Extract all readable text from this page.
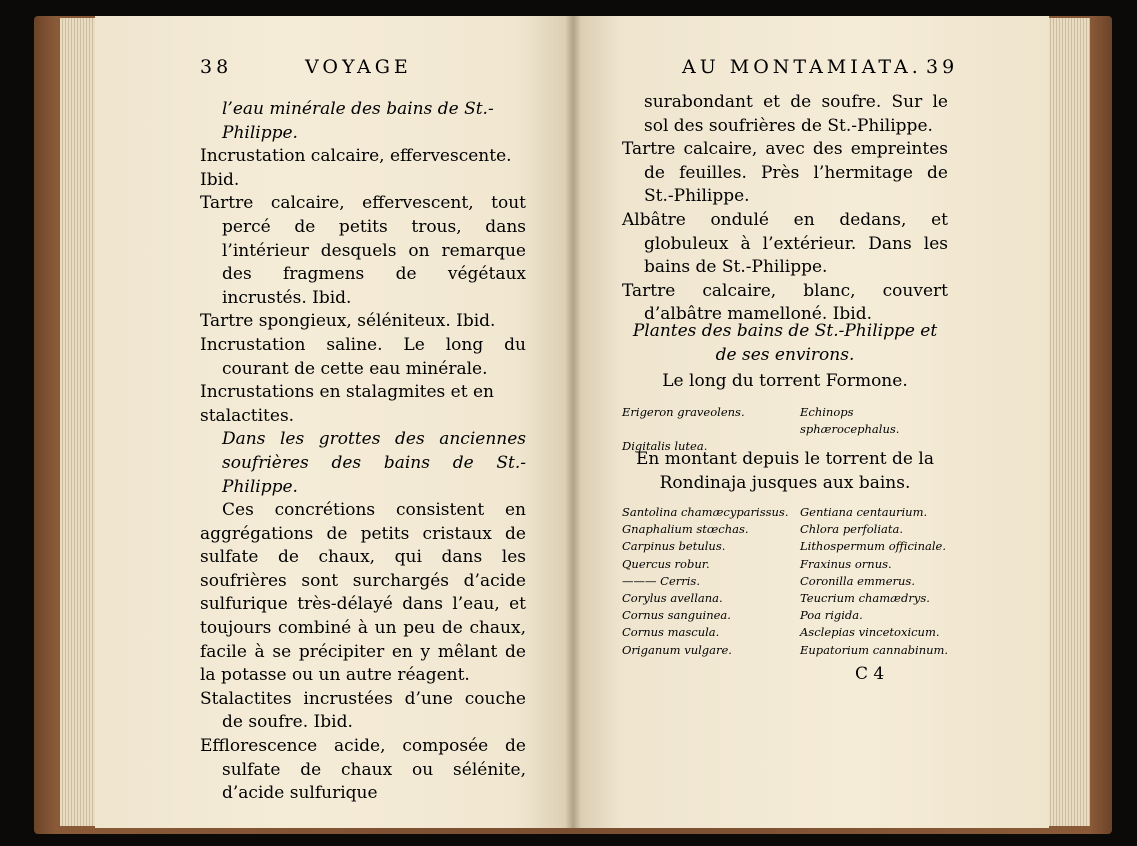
38	VOYAGE

l’eau minérale des bains de St.-Philippe.

Incrustation calcaire, effervescente. Ibid.

Tartre calcaire, effervescent, tout percé de petits trous, dans l’intérieur desquels on remarque des fragmens de végétaux incrustés. Ibid.

Tartre spongieux, séléniteux. Ibid.

Incrustation saline. Le long du courant de cette eau minérale.

Incrustations en stalagmites et en stalactites.

Dans les grottes des anciennes soufrières des bains de St.-Philippe.

Ces concrétions consistent en aggrégations de petits cristaux de sulfate de chaux, qui dans les soufrières sont surchargés d’acide sulfurique très-délayé dans l’eau, et toujours combiné à un peu de chaux, facile à se précipiter en y mêlant de la potasse ou un autre réagent.

Stalactites incrustées d’une couche de soufre. Ibid.

Efflorescence acide, composée de sulfate de chaux ou sélénite, d’acide sulfurique

AU MONTAMIATA. 39

surabondant et de soufre. Sur le sol des soufrières de St.-Philippe.

Tartre calcaire, avec des empreintes de feuilles. Près l’hermitage de St.-Philippe.

Albâtre ondulé en dedans, et globuleux à l’extérieur. Dans les bains de St.-Philippe.

Tartre calcaire, blanc, couvert d’albâtre mamelloné. Ibid.

Plantes des bains de St.-Philippe et de ses environs.
Le long du torrent Formone.
Erigeron graveolens.	Echinops sphærocephalus.
Digitalis lutea.
En montant depuis le torrent de la Rondinaja jusques aux bains.
Santolina chamæcyparissus.	Gentiana centaurium.
Gnaphalium stœchas.	Chlora perfoliata.
Carpinus betulus.	Lithospermum officinale.
Quercus robur.	Fraxinus ornus.
——— Cerris.	Coronilla emmerus.
Corylus avellana.	Teucrium chamædrys.
Cornus sanguinea.	Poa rigida.
Cornus mascula.	Asclepias vincetoxicum.
Origanum vulgare.	Eupatorium cannabinum.
C 4
